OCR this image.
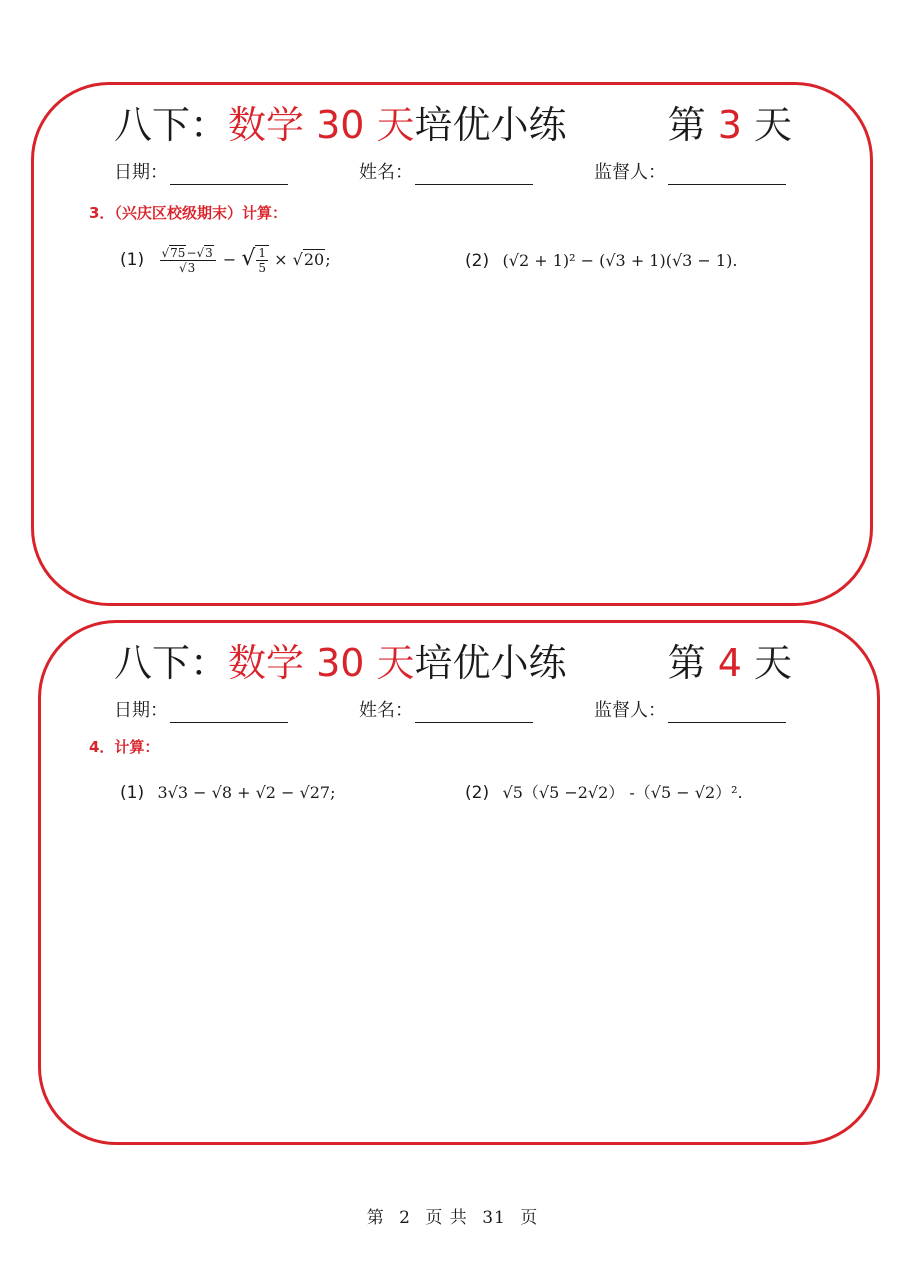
八下：数学 30 天培优小练	第 3 天
日期：	姓名：	监督人：
3．（兴庆区校级期末）计算：
$(1) \frac{√75-√3}{√3}$ − √ $\frac{1}{5} \times √20$;	(2) (√2 + 1)² − (√3 + 1)(√3 − 1).
八下：数学 30 天培优小练	第 4 天
日期：	姓名：	监督人：
4．计算：
(1) 3√3 − √8 + √2 − √27;	(2) √5（√5 −2√2） -（√5 − √2）².
第 2 页 共 31 页
